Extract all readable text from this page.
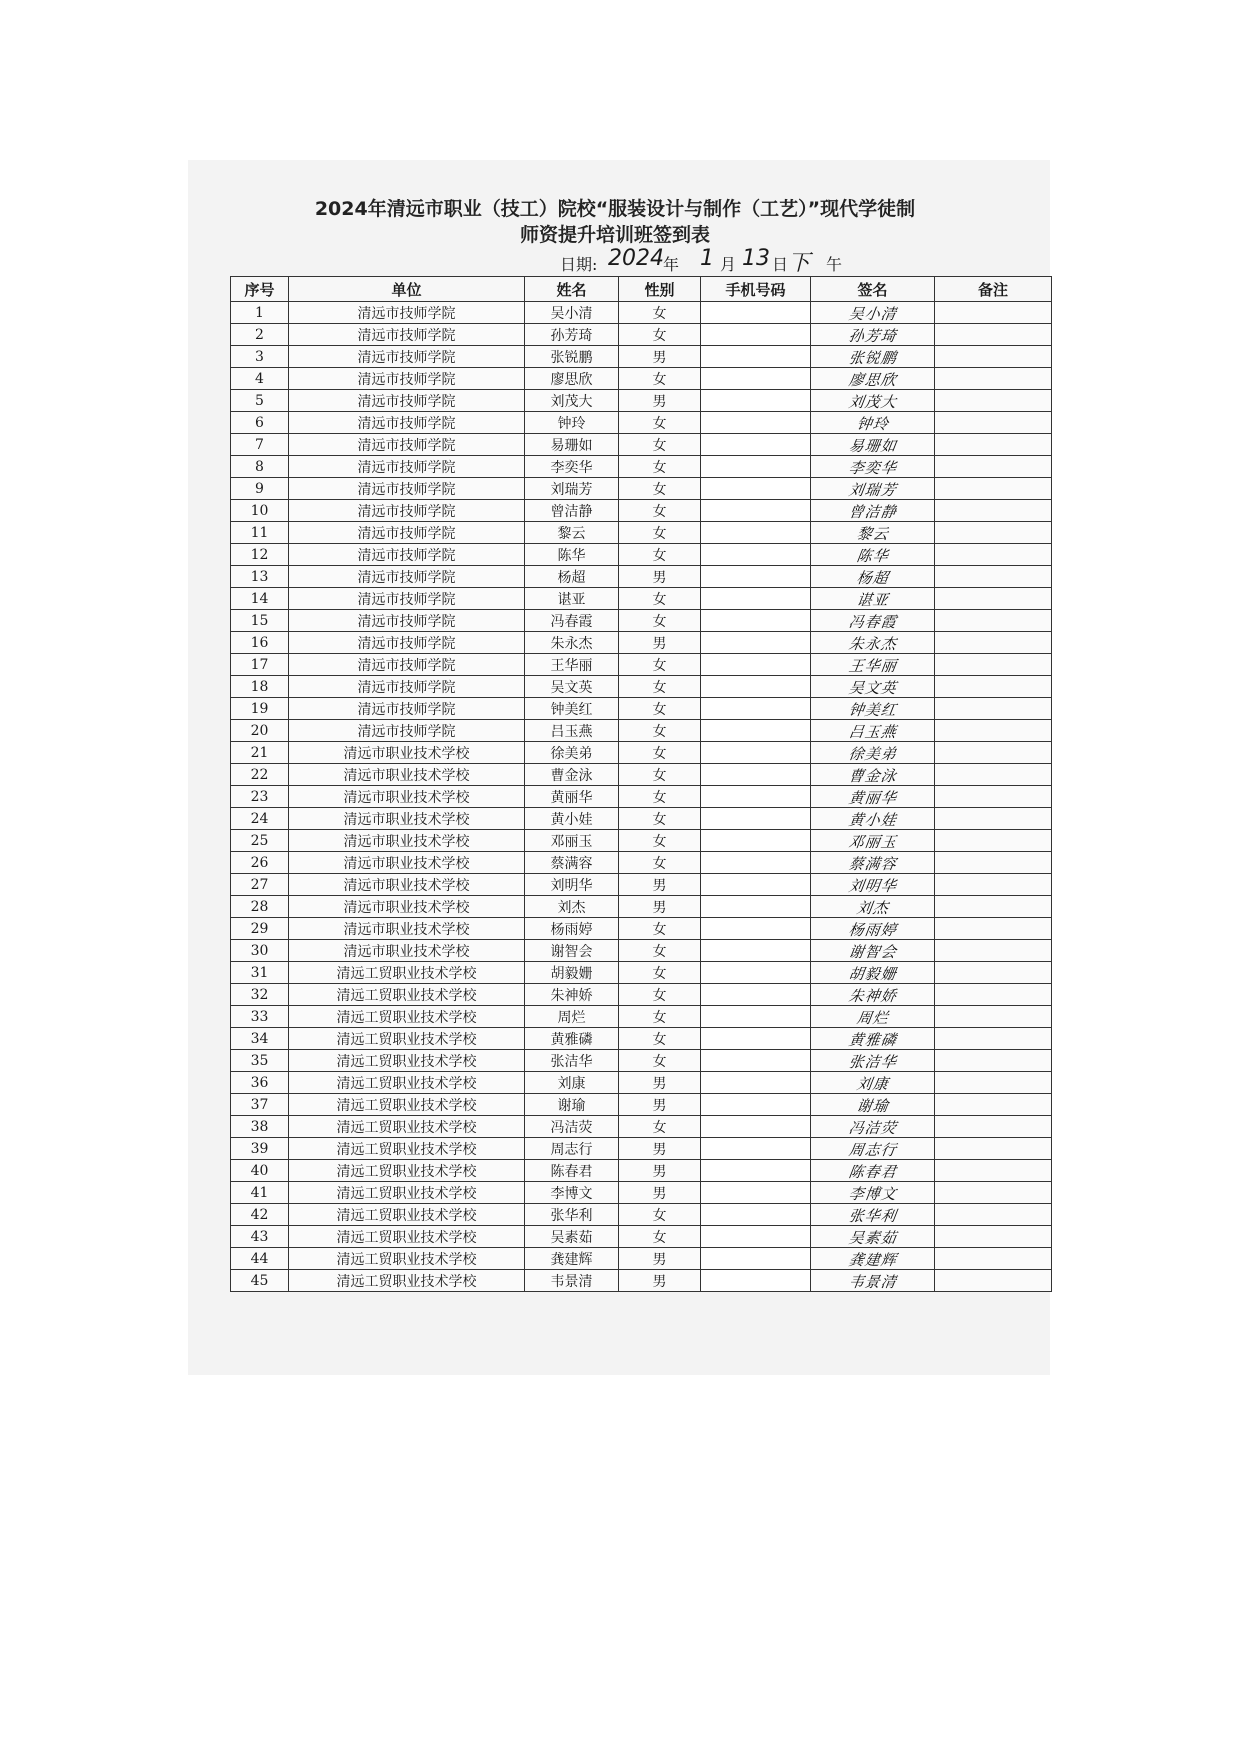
2024年清远市职业（技工）院校“服装设计与制作（工艺）”现代学徒制
师资提升培训班签到表
日期: 2024 年 1 月 13 日 下 午
序号	单位	姓名	性别	手机号码	签名	备注
1	清远市技师学院	吴小清	女		吴小清	
2	清远市技师学院	孙芳琦	女		孙芳琦	
3	清远市技师学院	张锐鹏	男		张锐鹏	
4	清远市技师学院	廖思欣	女		廖思欣	
5	清远市技师学院	刘茂大	男		刘茂大	
6	清远市技师学院	钟玲	女		钟玲	
7	清远市技师学院	易珊如	女		易珊如	
8	清远市技师学院	李奕华	女		李奕华	
9	清远市技师学院	刘瑞芳	女		刘瑞芳	
10	清远市技师学院	曾洁静	女		曾洁静	
11	清远市技师学院	黎云	女		黎云	
12	清远市技师学院	陈华	女		陈华	
13	清远市技师学院	杨超	男		杨超	
14	清远市技师学院	谌亚	女		谌亚	
15	清远市技师学院	冯春霞	女		冯春霞	
16	清远市技师学院	朱永杰	男		朱永杰	
17	清远市技师学院	王华丽	女		王华丽	
18	清远市技师学院	吴文英	女		吴文英	
19	清远市技师学院	钟美红	女		钟美红	
20	清远市技师学院	吕玉燕	女		吕玉燕	
21	清远市职业技术学校	徐美弟	女		徐美弟	
22	清远市职业技术学校	曹金泳	女		曹金泳	
23	清远市职业技术学校	黄丽华	女		黄丽华	
24	清远市职业技术学校	黄小娃	女		黄小娃	
25	清远市职业技术学校	邓丽玉	女		邓丽玉	
26	清远市职业技术学校	蔡满容	女		蔡满容	
27	清远市职业技术学校	刘明华	男		刘明华	
28	清远市职业技术学校	刘杰	男		刘杰	
29	清远市职业技术学校	杨雨婷	女		杨雨婷	
30	清远市职业技术学校	谢智会	女		谢智会	
31	清远工贸职业技术学校	胡毅姗	女		胡毅姗	
32	清远工贸职业技术学校	朱神娇	女		朱神娇	
33	清远工贸职业技术学校	周烂	女		周烂	
34	清远工贸职业技术学校	黄雅磷	女		黄雅磷	
35	清远工贸职业技术学校	张洁华	女		张洁华	
36	清远工贸职业技术学校	刘康	男		刘康	
37	清远工贸职业技术学校	谢瑜	男		谢瑜	
38	清远工贸职业技术学校	冯洁荧	女		冯洁荧	
39	清远工贸职业技术学校	周志行	男		周志行	
40	清远工贸职业技术学校	陈春君	男		陈春君	
41	清远工贸职业技术学校	李博文	男		李博文	
42	清远工贸职业技术学校	张华利	女		张华利	
43	清远工贸职业技术学校	吴素茹	女		吴素茹	
44	清远工贸职业技术学校	龚建辉	男		龚建辉	
45	清远工贸职业技术学校	韦景清	男		韦景清	
